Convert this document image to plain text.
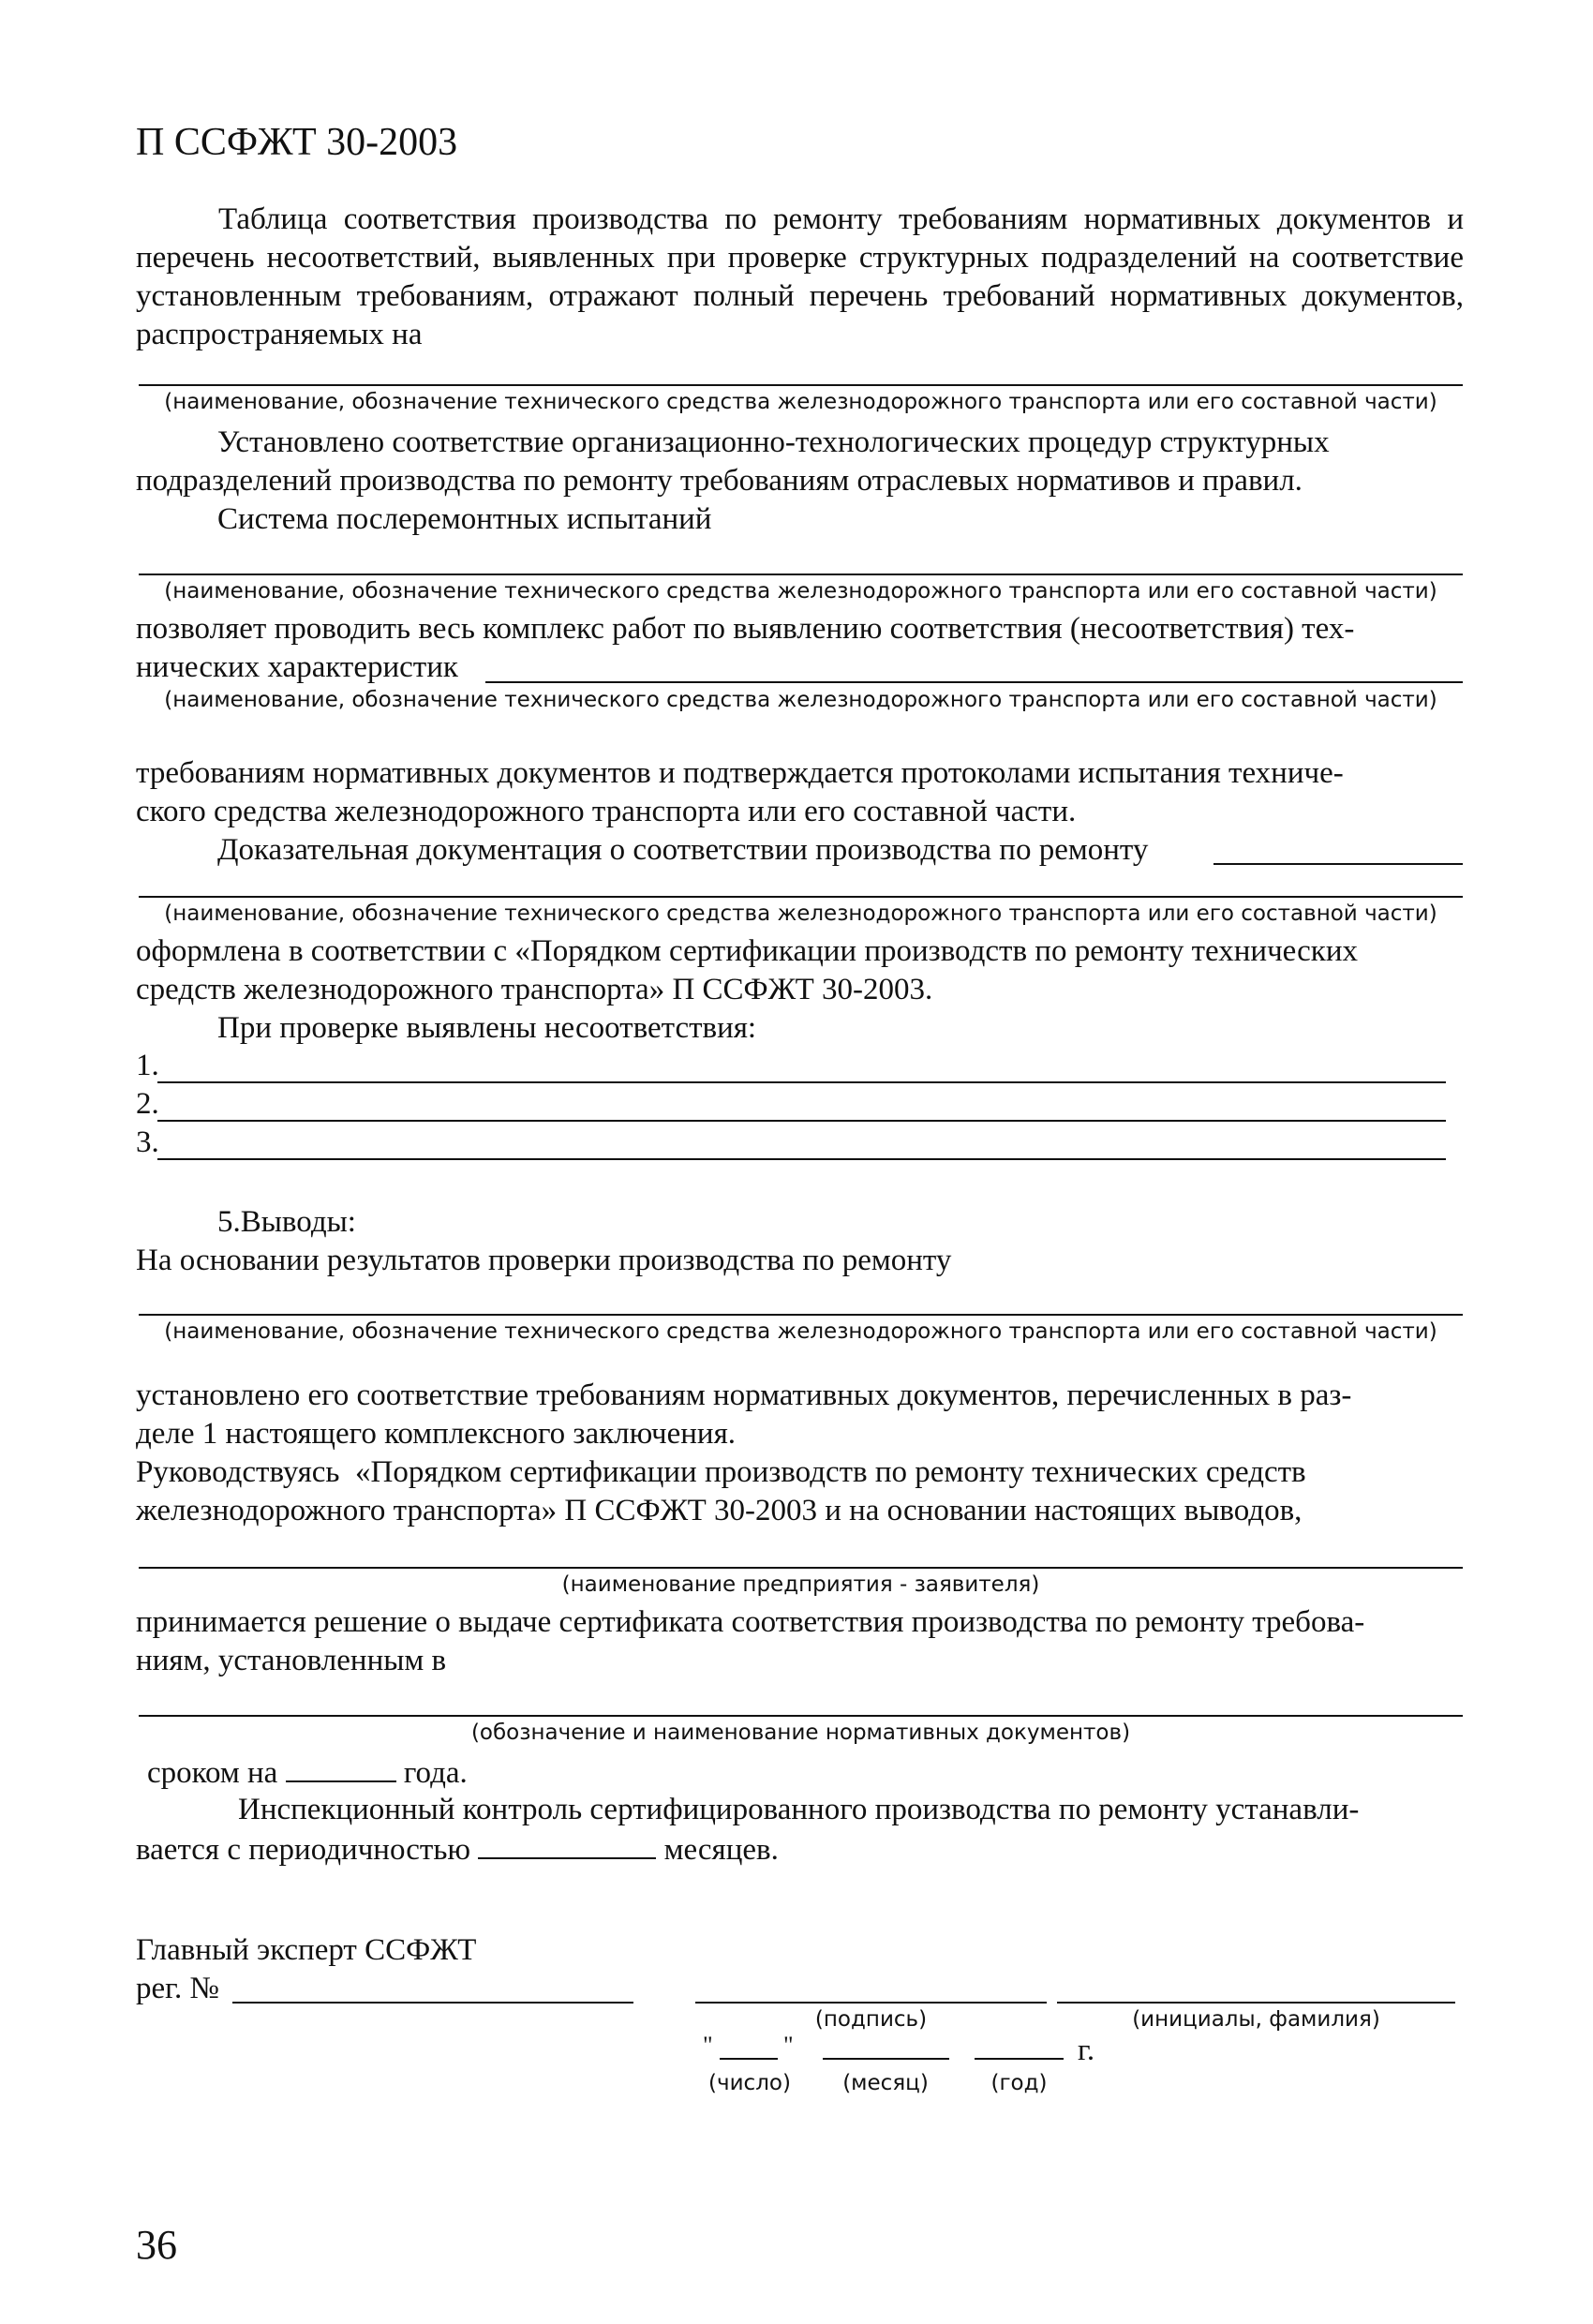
П ССФЖТ 30-2003
Таблица соответствия производства по ремонту требованиям нормативных документов и перечень несоответствий, выявленных при проверке структурных подразделений на соответствие установленным требованиям, отражают полный перечень требований нормативных документов, распространяемых на
(наименование, обозначение технического средства железнодорожного транспорта или его составной части)
Установлено соответствие организационно-технологических процедур структурных
подразделений производства по ремонту требованиям отраслевых нормативов и правил.
Система послеремонтных испытаний
(наименование, обозначение технического средства железнодорожного транспорта или его составной части)
позволяет проводить весь комплекс работ по выявлению соответствия (несоответствия) тех-
нических характеристик
(наименование, обозначение технического средства железнодорожного транспорта или его составной части)
требованиям нормативных документов и подтверждается протоколами испытания техниче-
ского средства железнодорожного транспорта или его составной части.
Доказательная документация о соответствии производства по ремонту
(наименование, обозначение технического средства железнодорожного транспорта или его составной части)
оформлена в соответствии с «Порядком сертификации производств по ремонту технических
средств железнодорожного транспорта» П ССФЖТ 30-2003.
При проверке выявлены несоответствия:
1.
2.
3.
5.Выводы:
На основании результатов проверки производства по ремонту
(наименование, обозначение технического средства железнодорожного транспорта или его составной части)
установлено его соответствие требованиям нормативных документов, перечисленных в раз-
деле 1 настоящего комплексного заключения.
Руководствуясь  «Порядком сертификации производств по ремонту технических средств
железнодорожного транспорта» П ССФЖТ 30-2003 и на основании настоящих выводов,
(наименование предприятия - заявителя)
принимается решение о выдаче сертификата соответствия производства по ремонту требова-
ниям, установленным в
(обозначение и наименование нормативных документов)
сроком на	года.
Инспекционный контроль сертифицированного производства по ремонту устанавли-
вается с периодичностью	месяцев.
Главный эксперт ССФЖТ
рег. №
(подпись)	(инициалы, фамилия)
"	"	г.
(число)	(месяц)	(год)
36
